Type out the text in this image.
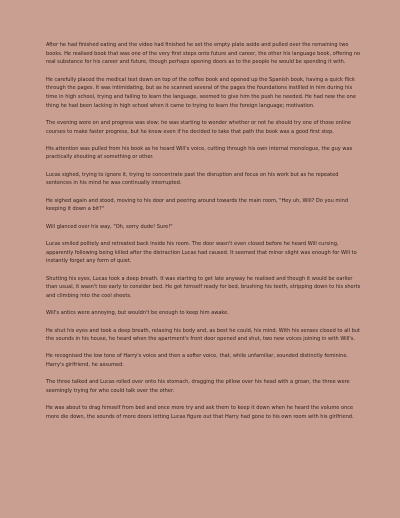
After he had finished eating and the video had finished he set the empty plate aside and pulled over the remaining two books. He realised book that was one of the very first steps onto future and career, the other his language book, offering no real substance for his career and future, though perhaps opening doors as to the people he would be spending it with.

He carefully placed the medical text down on top of the coffee book and opened up the Spanish book, having a quick flick through the pages. It was intimidating, but as he scanned several of the pages the foundations instilled in him during his time in high school, trying and failing to learn the language, seemed to give him the push he needed. He had new the one thing he had been lacking in high school when it came to trying to learn the foreign language; motivation.

The evening wore on and progress was slow; he was starting to wonder whether or not he should try one of those online courses to make faster progress, but he knew even if he decided to take that path the book was a good first step.

His attention was pulled from his book as he heard Will's voice, cutting through his own internal monologue, the guy was practically shouting at something or other.

Lucas sighed, trying to ignore it, trying to concentrate past the disruption and focus on his work but as he repeated sentences in his mind he was continually interrupted.

He sighed again and stood, moving to his door and peering around towards the main room, "Hey uh, Will? Do you mind keeping it down a bit?"

Will glanced over his way, "Oh, sorry dude! Sure!"

Lucas smiled politely and retreated back inside his room. The door wasn't even closed before he heard Will cursing, apparently following being killed after the distraction Lucas had caused. It seemed that minor slight was enough for Will to instantly forget any form of quiet.

Shutting his eyes, Lucas took a deep breath. It was starting to get late anyway he realised and though it would be earlier than usual, it wasn't too early to consider bed. He got himself ready for bed, brushing his teeth, stripping down to his shorts and climbing into the cool sheets.

Will's antics were annoying, but wouldn't be enough to keep him awake.

He shut his eyes and took a deep breath, relaxing his body and, as best he could, his mind. With his senses closed to all but the sounds in his house, he heard when the apartment's front door opened and shut, two new voices joining in with Will's.

He recognised the low tone of Harry's voice and then a softer voice, that, while unfamiliar, sounded distinctly feminine. Harry's girlfriend, he assumed.

The three talked and Lucas rolled over onto his stomach, dragging the pillow over his head with a groan, the three were seemingly trying for who could talk over the other.

He was about to drag himself from bed and once more try and ask them to keep it down when he heard the volume once more die down, the sounds of more doors letting Lucas figure out that Harry had gone to his own room with his girlfriend.
